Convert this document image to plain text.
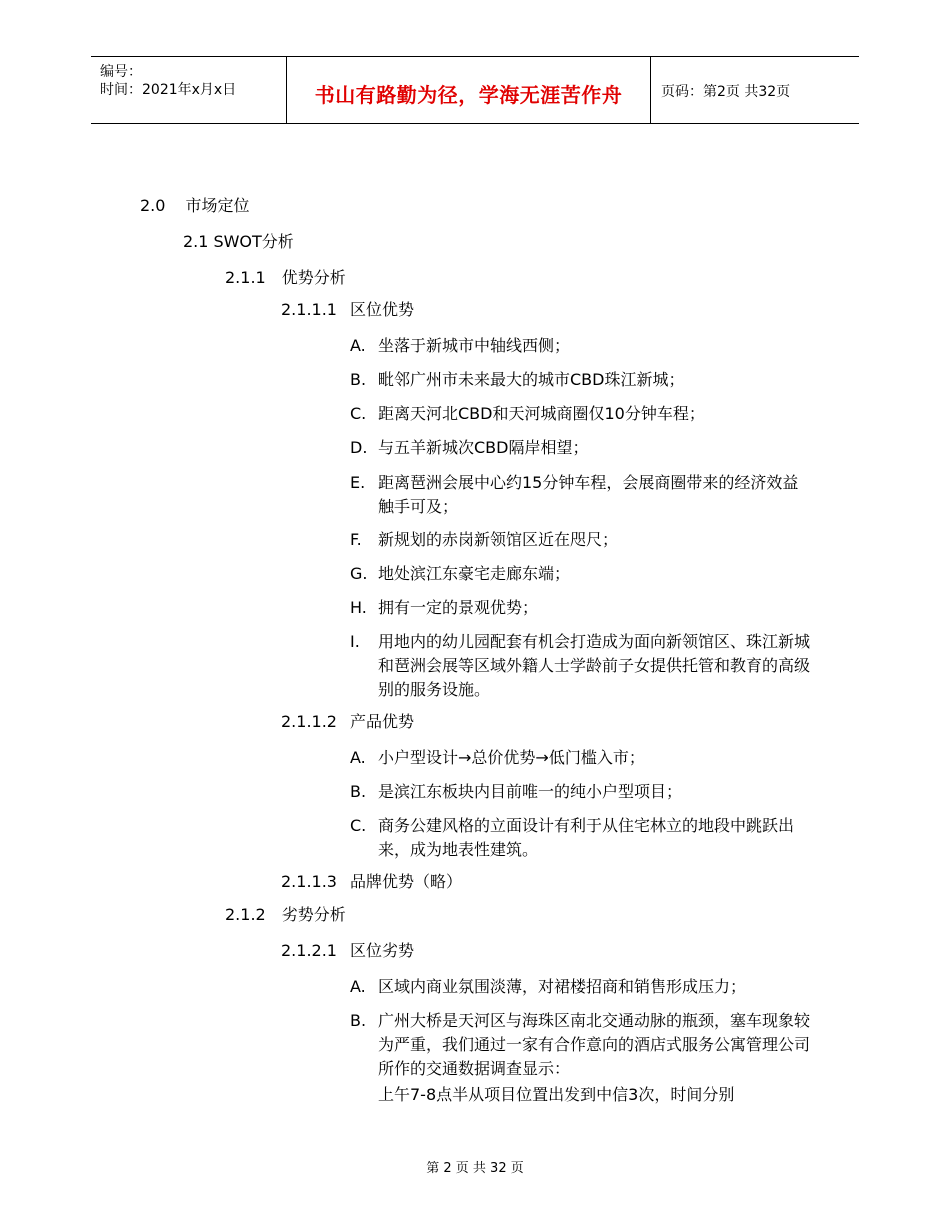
编号：
时间：2021年x月x日	书山有路勤为径，学海无涯苦作舟	页码：第2页 共32页
2.0 市场定位
2.1 SWOT分析
2.1.1 优势分析
2.1.1.1 区位优势
A. 坐落于新城市中轴线西侧；
B. 毗邻广州市未来最大的城市CBD珠江新城；
C. 距离天河北CBD和天河城商圈仅10分钟车程；
D. 与五羊新城次CBD隔岸相望；
E. 距离琶洲会展中心约15分钟车程，会展商圈带来的经济效益触手可及；
F. 新规划的赤岗新领馆区近在咫尺；
G. 地处滨江东豪宅走廊东端；
H. 拥有一定的景观优势；
I. 用地内的幼儿园配套有机会打造成为面向新领馆区、珠江新城和琶洲会展等区域外籍人士学龄前子女提供托管和教育的高级别的服务设施。
2.1.1.2 产品优势
A. 小户型设计→总价优势→低门槛入市；
B. 是滨江东板块内目前唯一的纯小户型项目；
C. 商务公建风格的立面设计有利于从住宅林立的地段中跳跃出来，成为地表性建筑。
2.1.1.3 品牌优势（略）
2.1.2 劣势分析
2.1.2.1 区位劣势
A. 区域内商业氛围淡薄，对裙楼招商和销售形成压力；
B. 广州大桥是天河区与海珠区南北交通动脉的瓶颈，塞车现象较为严重，我们通过一家有合作意向的酒店式服务公寓管理公司所作的交通数据调查显示：
上午7-8点半从项目位置出发到中信3次，时间分别
第 2 页 共 32 页
